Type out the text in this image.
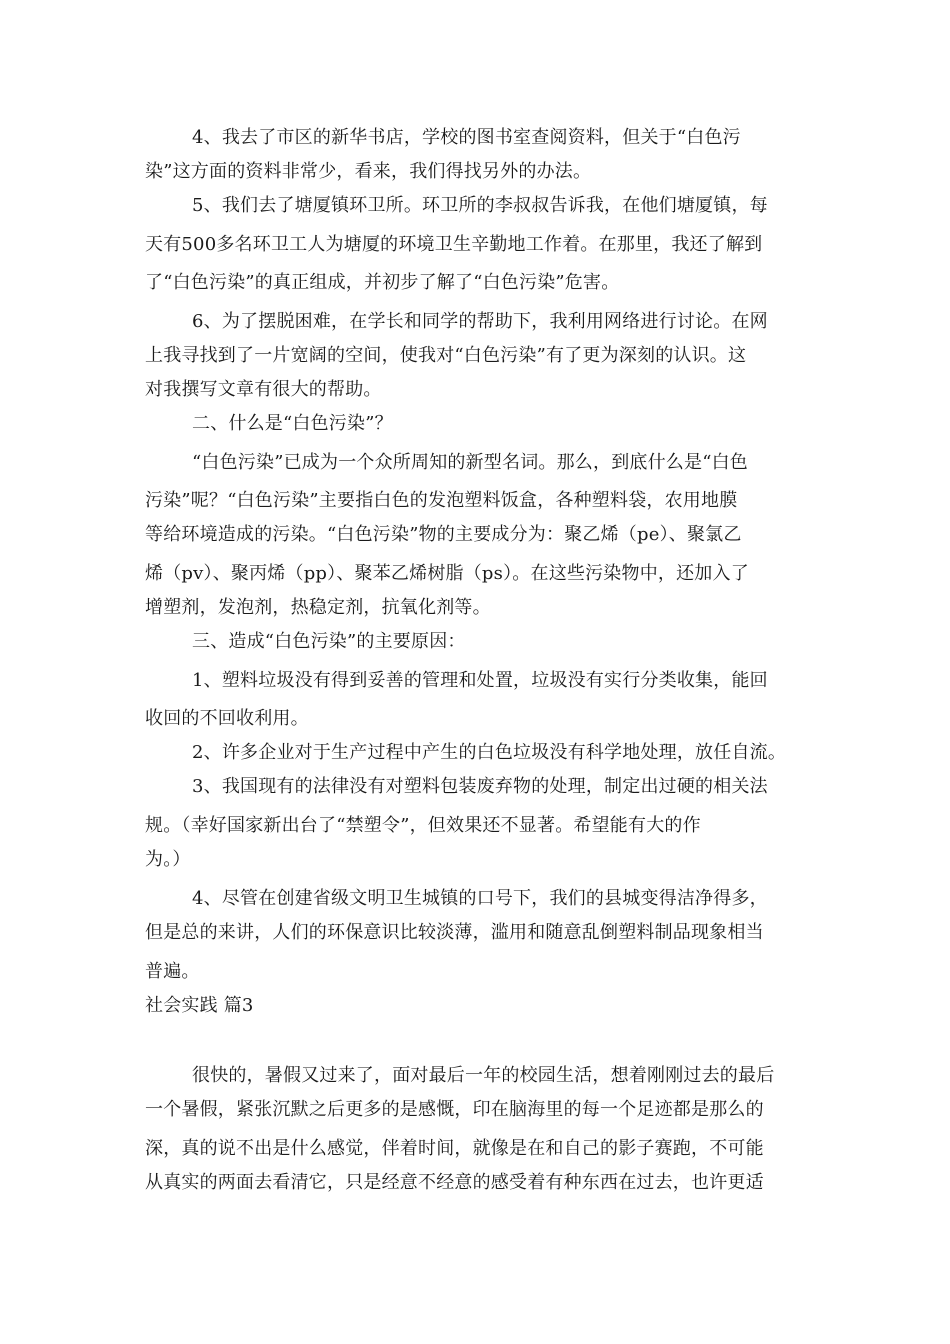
4、我去了市区的新华书店，学校的图书室查阅资料，但关于“白色污
染”这方面的资料非常少，看来，我们得找另外的办法。
5、我们去了塘厦镇环卫所。环卫所的李叔叔告诉我，在他们塘厦镇，每
天有500多名环卫工人为塘厦的环境卫生辛勤地工作着。在那里，我还了解到
了“白色污染”的真正组成，并初步了解了“白色污染”危害。
6、为了摆脱困难，在学长和同学的帮助下，我利用网络进行讨论。在网
上我寻找到了一片宽阔的空间，使我对“白色污染”有了更为深刻的认识。这
对我撰写文章有很大的帮助。
二、什么是“白色污染”？
“白色污染”已成为一个众所周知的新型名词。那么，到底什么是“白色
污染”呢？“白色污染”主要指白色的发泡塑料饭盒，各种塑料袋，农用地膜
等给环境造成的污染。“白色污染”物的主要成分为：聚乙烯（pe）、聚氯乙
烯（pv）、聚丙烯（pp）、聚苯乙烯树脂（ps）。在这些污染物中，还加入了
增塑剂，发泡剂，热稳定剂，抗氧化剂等。
三、造成“白色污染”的主要原因：
1、塑料垃圾没有得到妥善的管理和处置，垃圾没有实行分类收集，能回
收回的不回收利用。
2、许多企业对于生产过程中产生的白色垃圾没有科学地处理，放任自流。
3、我国现有的法律没有对塑料包装废弃物的处理，制定出过硬的相关法
规。（幸好国家新出台了“禁塑令”，但效果还不显著。希望能有大的作
为。）
4、尽管在创建省级文明卫生城镇的口号下，我们的县城变得洁净得多，
但是总的来讲，人们的环保意识比较淡薄，滥用和随意乱倒塑料制品现象相当
普遍。
社会实践 篇3
很快的，暑假又过来了，面对最后一年的校园生活，想着刚刚过去的最后
一个暑假，紧张沉默之后更多的是感慨，印在脑海里的每一个足迹都是那么的
深，真的说不出是什么感觉，伴着时间，就像是在和自己的影子赛跑，不可能
从真实的两面去看清它，只是经意不经意的感受着有种东西在过去，也许更适
